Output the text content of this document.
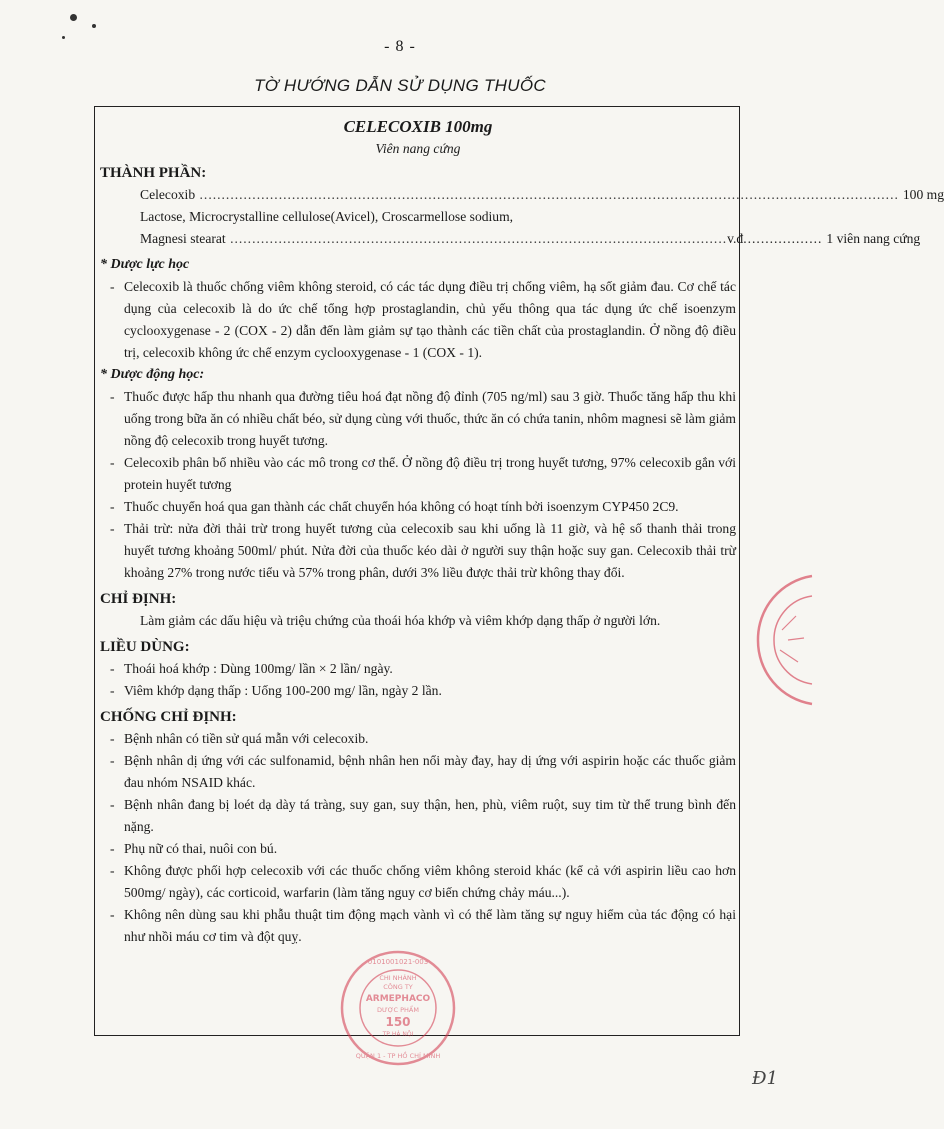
- 8 -
TỜ HƯỚNG DẪN SỬ DỤNG THUỐC
CELECOXIB 100mg
Viên nang cứng
THÀNH PHẦN:
Celecoxib ............................................................................................................................................................... 100 mg
Lactose, Microcrystalline cellulose(Avicel), Croscarmellose sodium,
Magnesi stearat ................................................................................................................. v.đ .................. 1 viên nang cứng
* Dược lực học
- Celecoxib là thuốc chống viêm không steroid, có các tác dụng điều trị chống viêm, hạ sốt giảm đau. Cơ chế tác dụng của celecoxib là do ức chế tổng hợp prostaglandin, chủ yếu thông qua tác dụng ức chế isoenzym cyclooxygenase - 2 (COX - 2) dẫn đến làm giảm sự tạo thành các tiền chất của prostaglandin. Ở nồng độ điều trị, celecoxib không ức chế enzym cyclooxygenase - 1 (COX - 1).
* Dược động học:
- Thuốc được hấp thu nhanh qua đường tiêu hoá đạt nồng độ đỉnh (705 ng/ml) sau 3 giờ. Thuốc tăng hấp thu khi uống trong bữa ăn có nhiều chất béo, sử dụng cùng với thuốc, thức ăn có chứa tanin, nhôm magnesi sẽ làm giảm nồng độ celecoxib trong huyết tương.
- Celecoxib phân bố nhiều vào các mô trong cơ thể. Ở nồng độ điều trị trong huyết tương, 97% celecoxib gắn với protein huyết tương
- Thuốc chuyển hoá qua gan thành các chất chuyển hóa không có hoạt tính bởi isoenzym CYP450 2C9.
- Thải trừ: nửa đời thải trừ trong huyết tương của celecoxib sau khi uống là 11 giờ, và hệ số thanh thải trong huyết tương khoảng 500ml/ phút. Nửa đời của thuốc kéo dài ở người suy thận hoặc suy gan. Celecoxib thải trừ khoảng 27% trong nước tiểu và 57% trong phân, dưới 3% liều được thải trừ không thay đổi.
CHỈ ĐỊNH:
Làm giảm các dấu hiệu và triệu chứng của thoái hóa khớp và viêm khớp dạng thấp ở người lớn.
LIỀU DÙNG:
- Thoái hoá khớp : Dùng 100mg/ lần × 2 lần/ ngày.
- Viêm khớp dạng thấp : Uống 100-200 mg/ lần, ngày 2 lần.
CHỐNG CHỈ ĐỊNH:
- Bệnh nhân có tiền sử quá mẫn với celecoxib.
- Bệnh nhân dị ứng với các sulfonamid, bệnh nhân hen nổi mày đay, hay dị ứng với aspirin hoặc các thuốc giảm đau nhóm NSAID khác.
- Bệnh nhân đang bị loét dạ dày tá tràng, suy gan, suy thận, hen, phù, viêm ruột, suy tim từ thể trung bình đến nặng.
- Phụ nữ có thai, nuôi con bú.
- Không được phối hợp celecoxib với các thuốc chống viêm không steroid khác (kể cả với aspirin liều cao hơn 500mg/ ngày), các corticoid, warfarin (làm tăng nguy cơ biến chứng chảy máu...).
- Không nên dùng sau khi phẫu thuật tim động mạch vành vì có thể làm tăng sự nguy hiểm của tác động có hại như nhồi máu cơ tim và đột quỵ.
0101001021-003
CHI NHÁNH
CÔNG TY
ARMEPHACO
DƯỢC PHẨM
150
TP HÀ NỘI
QUẬN 1 - TP HỒ CHÍ MINH
Đ1
